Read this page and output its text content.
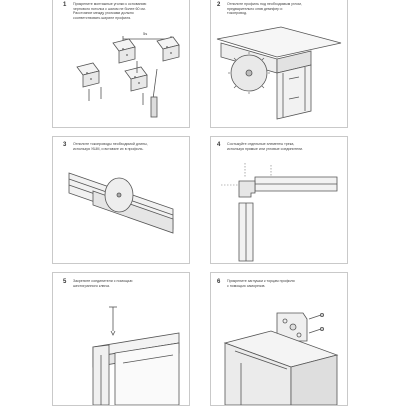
1 Прикрепите монтажные уголки к основанию
чернового потолка с шагом не более 60 см.
Расстояние между уголками должно
соответствовать ширине профиля.
5s
2 Отпилите профиль под необходимым углом,
предварительно сняв демпфер и
токопровод.
3 Отпилите токопроводы необходимой длины,
используя УШМ, и вставьте их в профиль.
4 Состыкуйте отдельные элементы трека,
используя прямые или угловые соединители.
5 Закрепите соединители с помощью
шестигранного ключа.
6 Прикрепите заглушки к торцам профиля
с помощью саморезов.
